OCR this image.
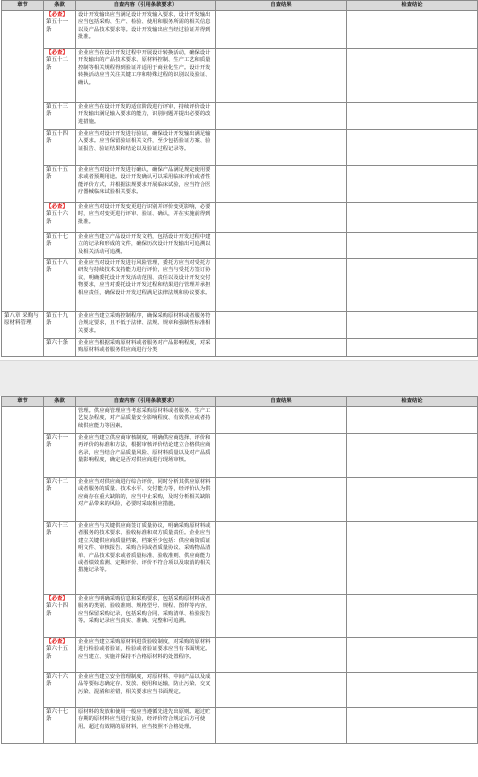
章节	条款	自查内容（引用条款要求）	自查结果	检查结论

	【必查】
第五十一条	设计开发输出应当满足设计开发输入要求，设计开发输出应当包括采购、生产、检验、使用和服务所需的相关信息以及产品技术要求等。设计开发输出应当经过验证并得到批准。		

	【必查】
第五十二条	企业应当在设计开发过程中开展设计转换活动，确保设计开发输出的产品技术要求、原材料控制、生产工艺和质量控制等相关规程得到验证并适用于商业化生产。设计开发转换活动应当关注关键工序和特殊过程的识别以及验证、确认。		
	第五十三条	企业应当在设计开发的适宜阶段进行评审，持续评价设计开发输出满足输入要求的能力，识别问题并提出必要的改进措施。		
	第五十四条	企业应当对设计开发进行验证，确保设计开发输出满足输入要求。应当保留验证相关文件，至少包括验证方案、验证报告、验证结果和结论以及验证过程记录等。		
	第五十五条	企业应当对设计开发进行确认，确保产品满足规定使用要求或者预期用途。设计开发确认可以采用临床评价或者性能评价方式，并根据法规要求开展临床试验，应当符合医疗器械临床试验相关要求。		

	【必查】
第五十六条	企业应当对设计开发变更进行识别并评价变更影响，必要时，应当对变更进行评审、验证、确认，并在实施前得到批准。		
	第五十七条	企业应当建立产品设计开发文档，包括设计开发过程中建立的记录和形成的文件，确保历次设计开发输出可追溯以及相关活动可追溯。		
	第五十八条	企业应当对设计开发进行风险管理，委托方应当对受托方研发与持续技术支持能力进行评价，应当与受托方签订协议，明确委托设计开发活动范围、责任以及设计开发交付物要求，应当对委托设计开发过程和结果进行管理并承担相应责任，确保设计开发过程满足法律法规和协议要求。		
第八章 采购与原材料管理	第五十九条	企业应当建立采购控制程序，确保采购原材料或者服务符合规定要求，且不低于法律、法规、规章和强制性标准相关要求。		
	第六十条	企业应当根据采购原材料或者服务对产品影响程度，对采购原材料或者服务供应商进行分类		
章节	条款	自查内容（引用条款要求）	自查结果	检查结论
		管理。供应商管理应当考虑采购原材料或者服务、生产工艺复杂程度，对产品质量安全影响程度、有效供应或者持续供应能力等因素。		
	第六十一条	企业应当建立供应商审核制度，明确供应商选择、评价和再评价的标准和方法，根据审核评价结论建立合格供应商名录，应当结合产品质量风险、原材料质量以及对产品质量影响程度，确定是否对供应商进行现场审核。		
	第六十二条	企业应当对供应商进行综合评价，同时分析其供应原材料或者服务的质量、技术水平、交付能力等，经评价认为供应商存在重大缺陷的，应当中止采购，及时分析相关缺陷对产品带来的风险，必要时采取相应措施。		
	第六十三条	企业应当与关键供应商签订质量协议，明确采购原材料或者服务的技术要求、验收标准和双方质量责任。企业应当建立关键供应商质量档案，档案至少包括：供应商资质证明文件、审核报告、采购合同或者质量协议、采购物品清单、产品技术要求或者质量标准、验收准则、供应商能力或者绩效监测、定期评价、评价不符合项以及取消的相关措施记录等。		

	【必查】
第六十四条	企业应当明确采购信息和采购要求，包括采购原材料或者服务的类别、验收准则、规格型号、规程、图样等内容，应当保留采购记录，包括采购合同、采购清单、检验报告等。采购记录应当真实、准确、完整和可追溯。		

	【必查】
第六十五条	企业应当建立采购原材料进货验收制度，对采购的原材料进行检验或者验证，检验或者验证要求应当有书面规定。应当建立、实施并保持不合格原材料的处置程序。		
	第六十六条	企业应当建立安全管理制度，对原材料、中间产品以及成品等要标志确定存、发放、使用和运输，防止污染、交叉污染、混淆和差错，相关要求应当书面规定。		
	第六十七条	原材料的发放和使用一般应当遵循先进先出原则。超过贮存期的原材料应当进行复验，经评价符合规定后方可使用。超过有效期的原材料，应当按照不合格处理。		
